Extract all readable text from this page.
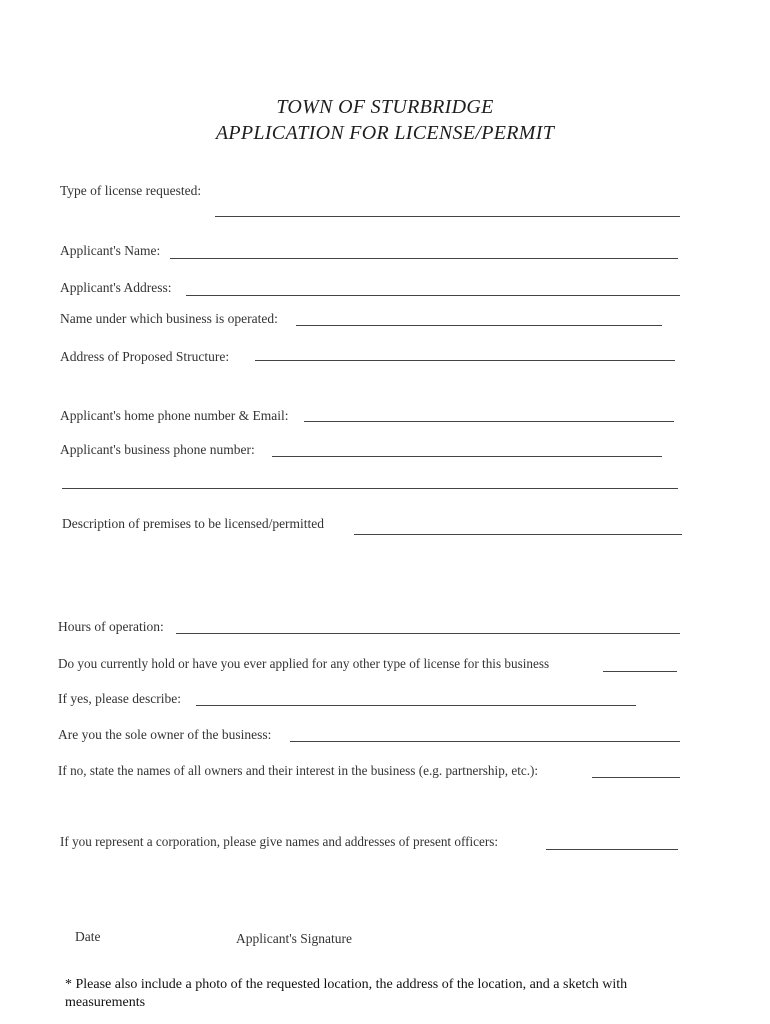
TOWN OF STURBRIDGE
APPLICATION FOR LICENSE/PERMIT
Type of license requested:
Applicant's Name:
Applicant's Address:
Name under which business is operated:
Address of Proposed Structure:
Applicant's home phone number & Email:
Applicant's business phone number:
Description of premises to be licensed/permitted
Hours of operation:
Do you currently hold or have you ever applied for any other type of license for this business
If yes, please describe:
Are you the sole owner of the business:
If no, state the names of all owners and their interest in the business (e.g. partnership, etc.):
If you represent a corporation, please give names and addresses of present officers:
Date	Applicant's Signature
* Please also include a photo of the requested location, the address of the location, and a sketch with measurements
